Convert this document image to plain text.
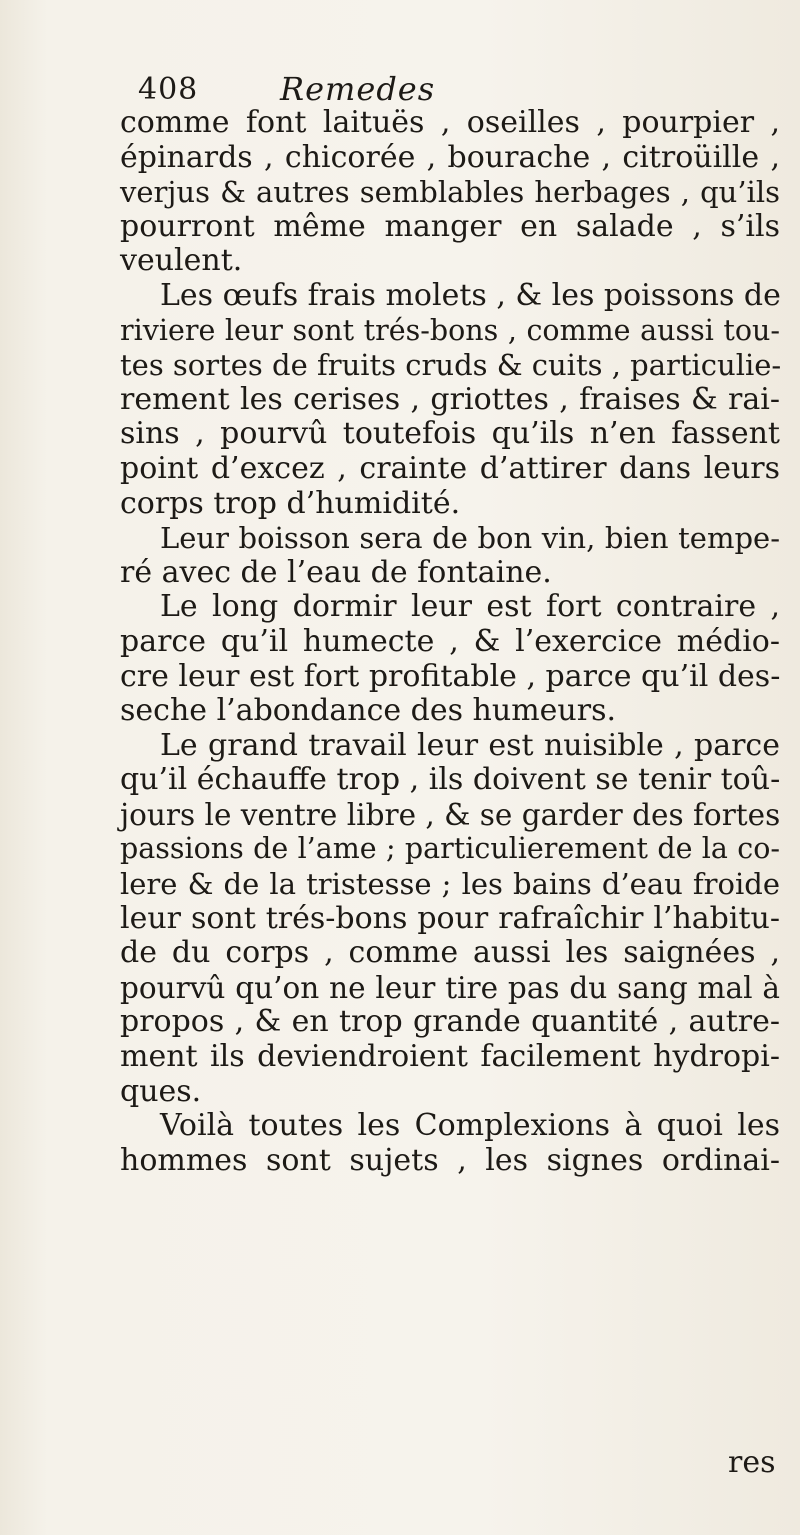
408	Remedes
comme font laituës , oseilles , pourpier ,
épinards , chicorée , bourache , citroüille ,
verjus & autres semblables herbages , qu’ils
pourront même manger en salade , s’ils
veulent.
Les œufs frais molets , & les poissons de
riviere leur sont trés-bons , comme aussi tou-
tes sortes de fruits cruds & cuits , particulie-
rement les cerises , griottes , fraises & rai-
sins , pourvû toutefois qu’ils n’en fassent
point d’excez , crainte d’attirer dans leurs
corps trop d’humidité.
Leur boisson sera de bon vin, bien tempe-
ré avec de l’eau de fontaine.
Le long dormir leur est fort contraire ,
parce qu’il humecte , & l’exercice médio-
cre leur est fort profitable , parce qu’il des-
seche l’abondance des humeurs.
Le grand travail leur est nuisible , parce
qu’il échauffe trop , ils doivent se tenir toû-
jours le ventre libre , & se garder des fortes
passions de l’ame ; particulierement de la co-
lere & de la tristesse ; les bains d’eau froide
leur sont trés-bons pour rafraîchir l’habitu-
de du corps , comme aussi les saignées ,
pourvû qu’on ne leur tire pas du sang mal à
propos , & en trop grande quantité , autre-
ment ils deviendroient facilement hydropi-
ques.
Voilà toutes les Complexions à quoi les
hommes sont sujets , les signes ordinai-
res
